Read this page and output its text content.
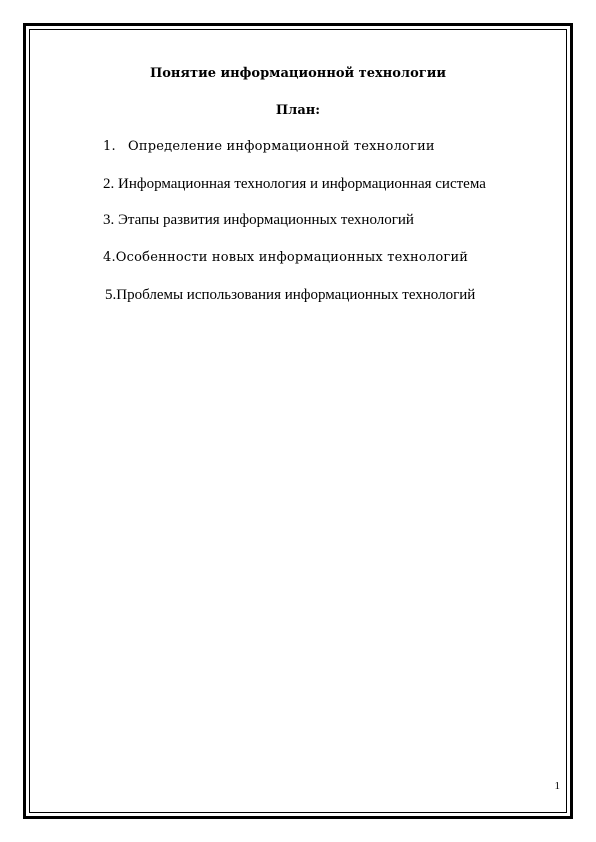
Понятие информационной технологии
План:
1. Определение информационной технологии
2. Информационная технология и информационная система
3. Этапы развития информационных технологий
4.Особенности новых информационных технологий
5.Проблемы использования информационных технологий
1
